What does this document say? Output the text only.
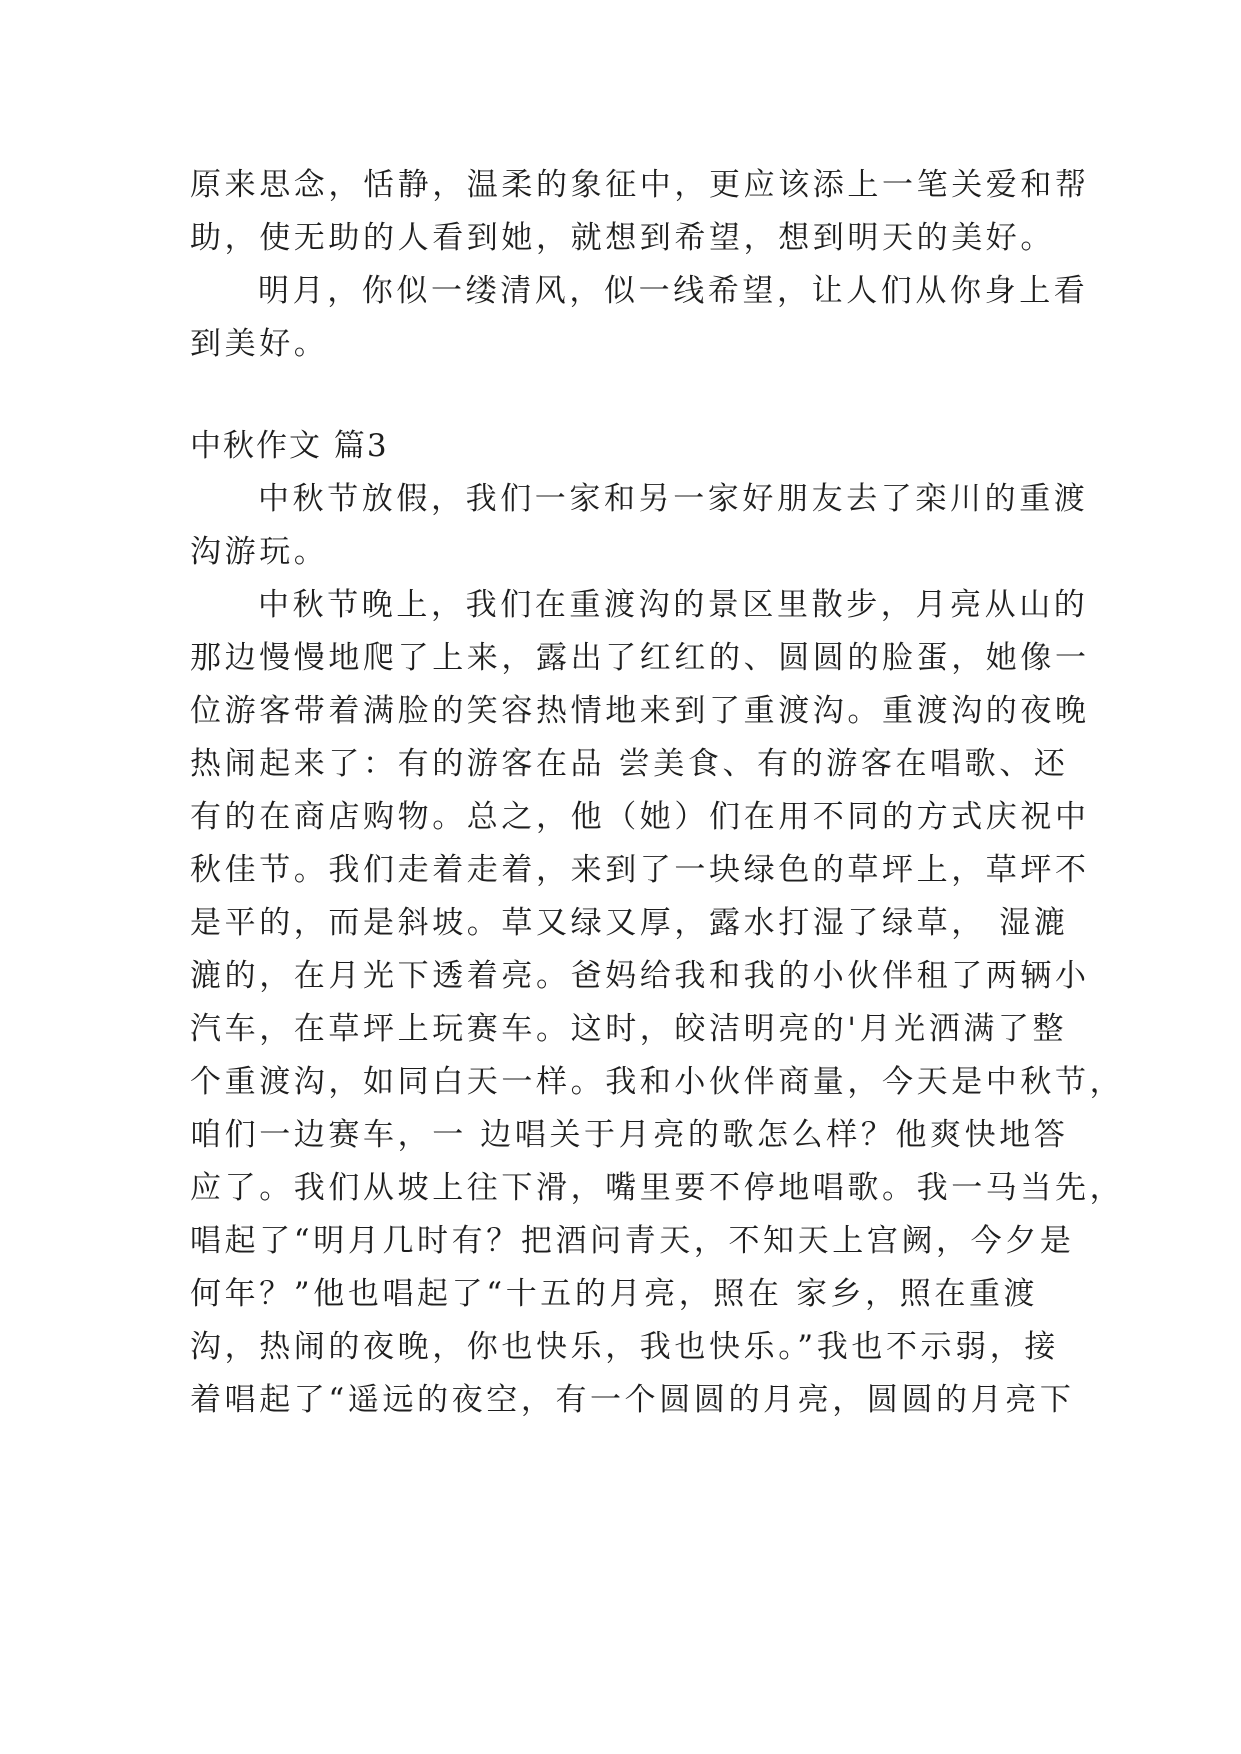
原来思念，恬静，温柔的象征中，更应该添上一笔关爱和帮
助，使无助的人看到她，就想到希望，想到明天的美好。
明月，你似一缕清风，似一线希望，让人们从你身上看
到美好。
中秋作文 篇3
中秋节放假，我们一家和另一家好朋友去了栾川的重渡
沟游玩。
中秋节晚上，我们在重渡沟的景区里散步，月亮从山的
那边慢慢地爬了上来，露出了红红的、圆圆的脸蛋，她像一
位游客带着满脸的笑容热情地来到了重渡沟。重渡沟的夜晚
热闹起来了：有的游客在品 尝美食、有的游客在唱歌、还
有的在商店购物。总之，他（她）们在用不同的方式庆祝中
秋佳节。我们走着走着，来到了一块绿色的草坪上，草坪不
是平的，而是斜坡。草又绿又厚，露水打湿了绿草， 湿漉
漉的，在月光下透着亮。爸妈给我和我的小伙伴租了两辆小
汽车，在草坪上玩赛车。这时，皎洁明亮的'月光洒满了整
个重渡沟，如同白天一样。我和小伙伴商量，今天是中秋节，
咱们一边赛车，一 边唱关于月亮的歌怎么样？他爽快地答
应了。我们从坡上往下滑，嘴里要不停地唱歌。我一马当先，
唱起了“明月几时有？把酒问青天，不知天上宫阙，今夕是
何年？”他也唱起了“十五的月亮，照在 家乡，照在重渡
沟，热闹的夜晚，你也快乐，我也快乐。”我也不示弱，接
着唱起了“遥远的夜空，有一个圆圆的月亮，圆圆的月亮下
